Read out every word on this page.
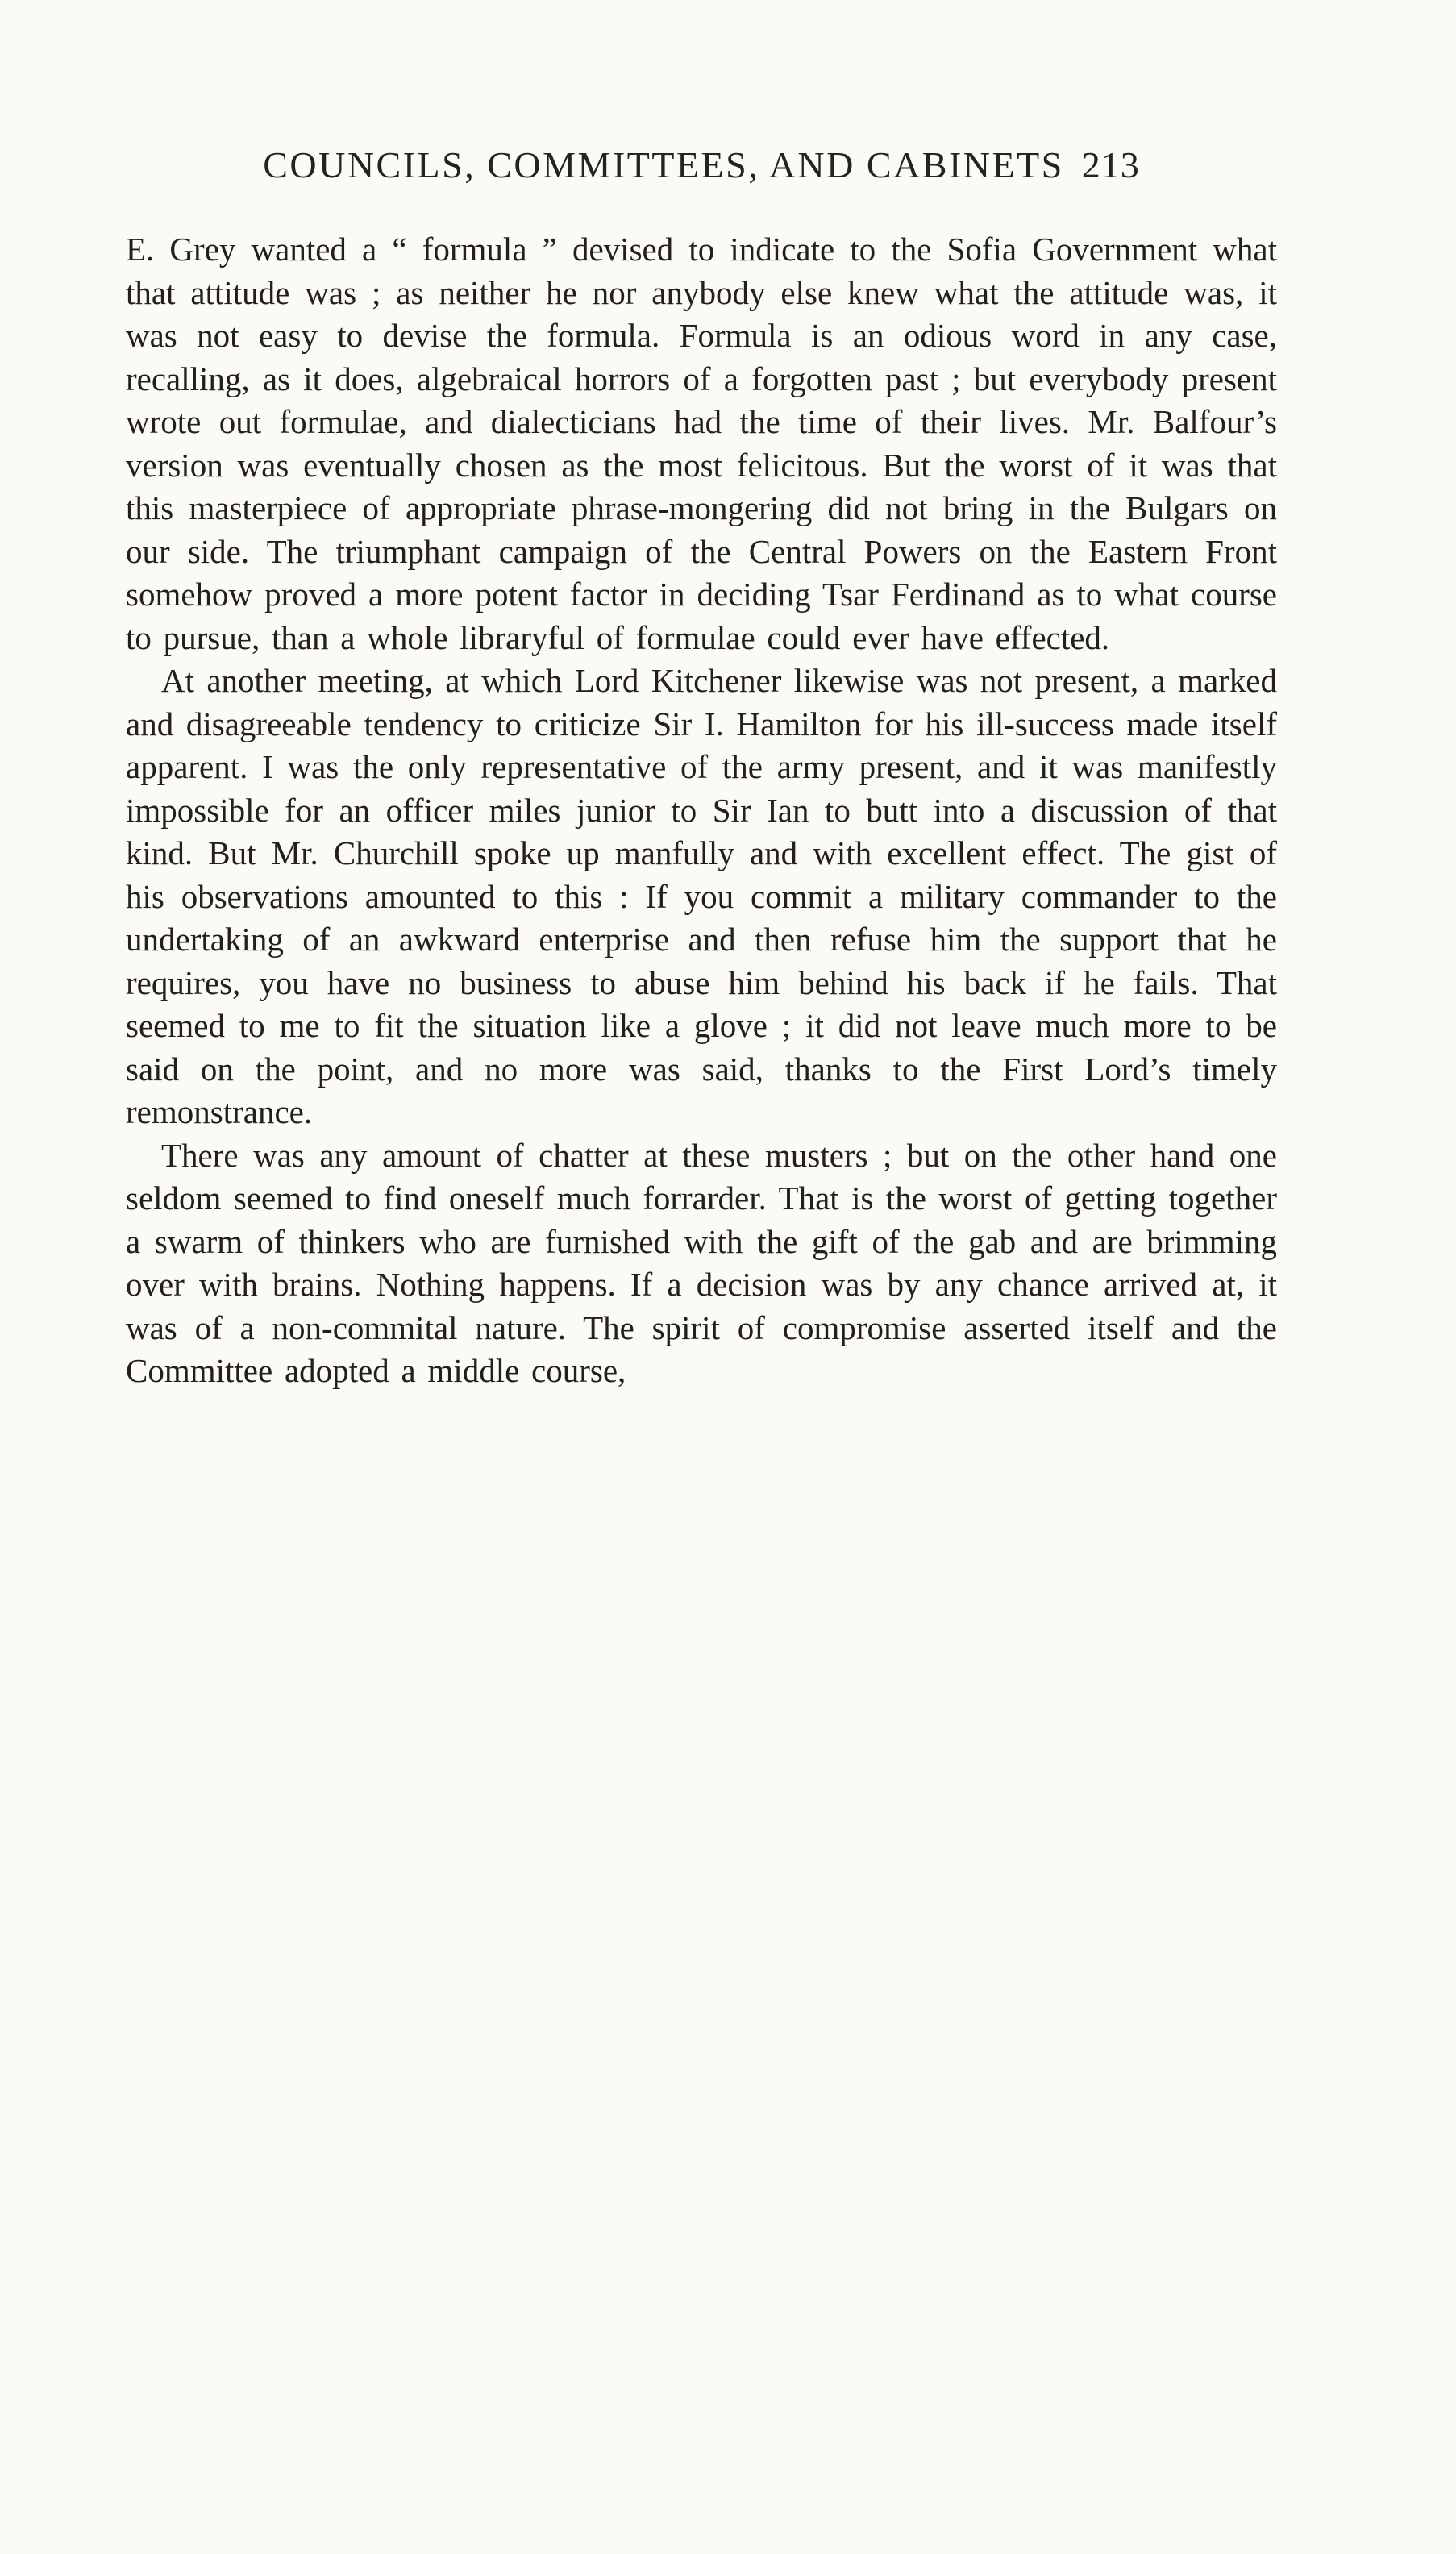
COUNCILS, COMMITTEES, AND CABINETS 213

E. Grey wanted a “ formula ” devised to indicate to the Sofia Government what that attitude was ; as neither he nor anybody else knew what the attitude was, it was not easy to devise the formula. Formula is an odious word in any case, recalling, as it does, algebraical horrors of a forgotten past ; but everybody present wrote out formulae, and dialecticians had the time of their lives. Mr. Balfour’s version was eventually chosen as the most felicitous. But the worst of it was that this masterpiece of appropriate phrase-mongering did not bring in the Bulgars on our side. The triumphant campaign of the Central Powers on the Eastern Front somehow proved a more potent factor in deciding Tsar Ferdinand as to what course to pursue, than a whole libraryful of formulae could ever have effected.

At another meeting, at which Lord Kitchener likewise was not present, a marked and disagreeable tendency to criticize Sir I. Hamilton for his ill-success made itself apparent. I was the only representative of the army present, and it was manifestly impossible for an officer miles junior to Sir Ian to butt into a discussion of that kind. But Mr. Churchill spoke up manfully and with excellent effect. The gist of his observations amounted to this : If you commit a military commander to the undertaking of an awkward enterprise and then refuse him the support that he requires, you have no business to abuse him behind his back if he fails. That seemed to me to fit the situation like a glove ; it did not leave much more to be said on the point, and no more was said, thanks to the First Lord’s timely remonstrance.

There was any amount of chatter at these musters ; but on the other hand one seldom seemed to find oneself much forrarder. That is the worst of getting together a swarm of thinkers who are furnished with the gift of the gab and are brimming over with brains. Nothing happens. If a decision was by any chance arrived at, it was of a non-commital nature. The spirit of compromise asserted itself and the Committee adopted a middle course,
